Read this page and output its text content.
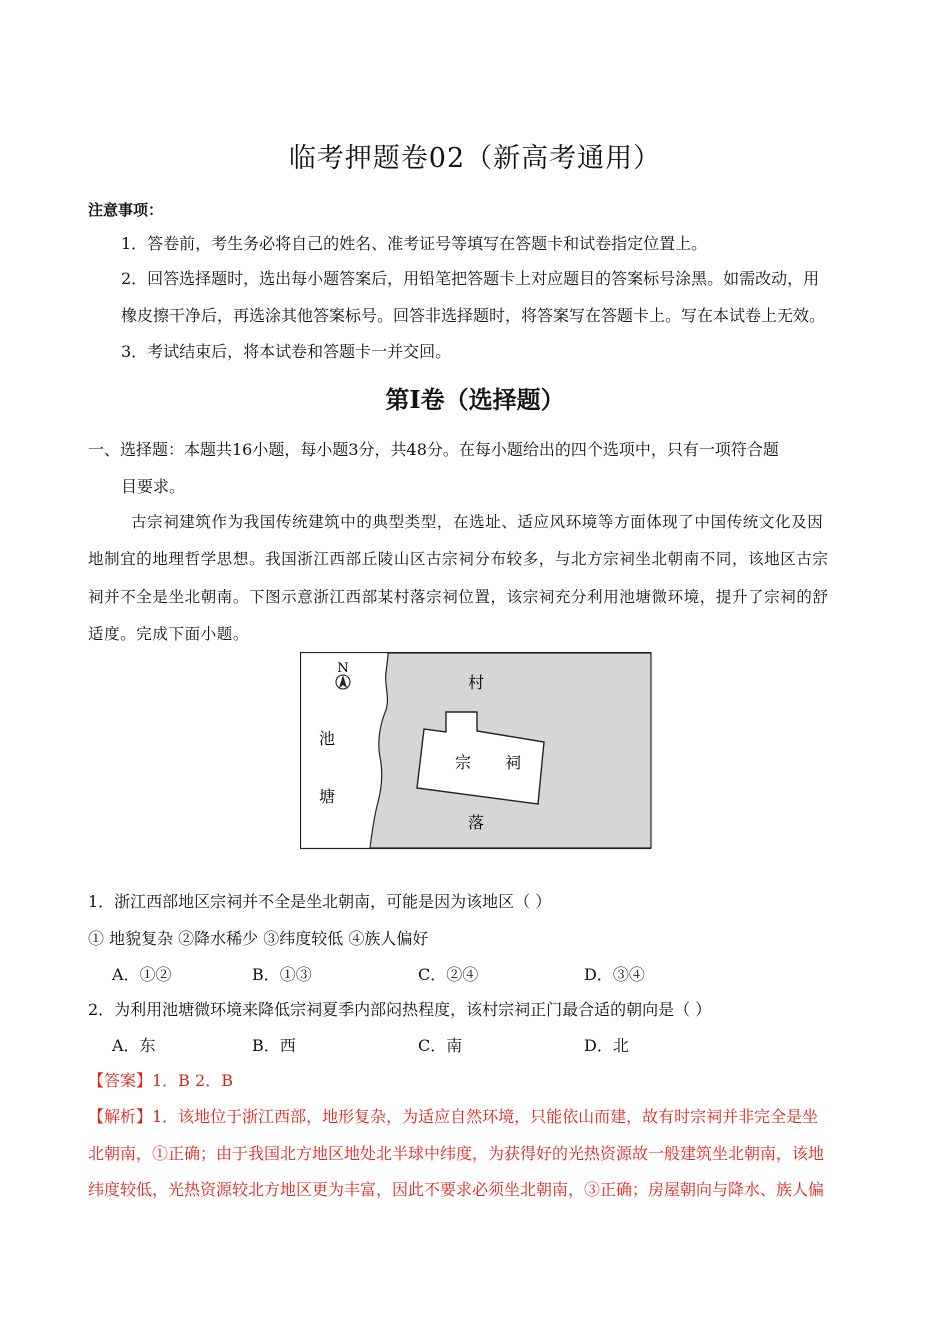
临考押题卷02（新高考通用）
注意事项：
1．答卷前，考生务必将自己的姓名、准考证号等填写在答题卡和试卷指定位置上。
2．回答选择题时，选出每小题答案后，用铅笔把答题卡上对应题目的答案标号涂黑。如需改动，用
橡皮擦干净后，再选涂其他答案标号。回答非选择题时，将答案写在答题卡上。写在本试卷上无效。
3．考试结束后，将本试卷和答题卡一并交回。
第Ⅰ卷（选择题）
一、选择题：本题共16小题，每小题3分，共48分。在每小题给出的四个选项中，只有一项符合题
目要求。
古宗祠建筑作为我国传统建筑中的典型类型，在选址、适应风环境等方面体现了中国传统文化及因
地制宜的地理哲学思想。我国浙江西部丘陵山区古宗祠分布较多，与北方宗祠坐北朝南不同，该地区古宗
祠并不全是坐北朝南。下图示意浙江西部某村落宗祠位置，该宗祠充分利用池塘微环境，提升了宗祠的舒
适度。完成下面小题。
N
池
塘
村
落
宗 祠
1．浙江西部地区宗祠并不全是坐北朝南，可能是因为该地区（ ）
① 地貌复杂 ②降水稀少 ③纬度较低 ④族人偏好
A．①②	B．①③	C．②④	D．③④
2．为利用池塘微环境来降低宗祠夏季内部闷热程度，该村宗祠正门最合适的朝向是（ ）
A．东	B．西	C．南	D．北
【答案】1．B 2．B
【解析】1．该地位于浙江西部，地形复杂，为适应自然环境，只能依山而建，故有时宗祠并非完全是坐
北朝南，①正确；由于我国北方地区地处北半球中纬度，为获得好的光热资源故一般建筑坐北朝南，该地
纬度较低，光热资源较北方地区更为丰富，因此不要求必须坐北朝南，③正确；房屋朝向与降水、族人偏
